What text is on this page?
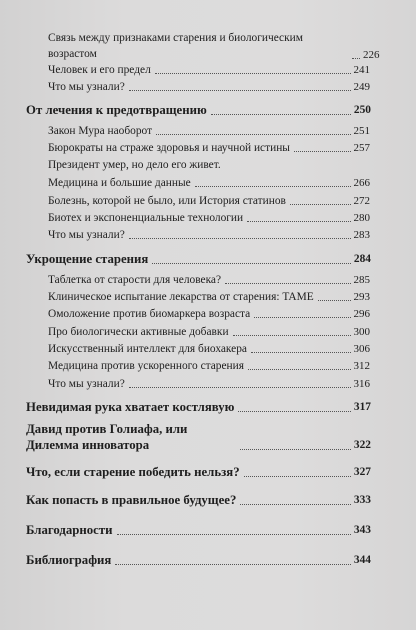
Связь между признаками старения и биологическим возрастом	226
Человек и его предел	241
Что мы узнали?	249
От лечения к предотвращению	250
Закон Мура наоборот	251
Бюрократы на страже здоровья и научной истины	257
Президент умер, но дело его живет.
Медицина и большие данные	266
Болезнь, которой не было, или История статинов	272
Биотех и экспоненциальные технологии	280
Что мы узнали?	283
Укрощение старения	284
Таблетка от старости для человека?	285
Клиническое испытание лекарства от старения: TAME	293
Омоложение против биомаркера возраста	296
Про биологически активные добавки	300
Искусственный интеллект для биохакера	306
Медицина против ускоренного старения	312
Что мы узнали?	316
Невидимая рука хватает костлявую	317
Давид против Голиафа, или Дилемма инноватора	322
Что, если старение победить нельзя?	327
Как попасть в правильное будущее?	333
Благодарности	343
Библиография	344
